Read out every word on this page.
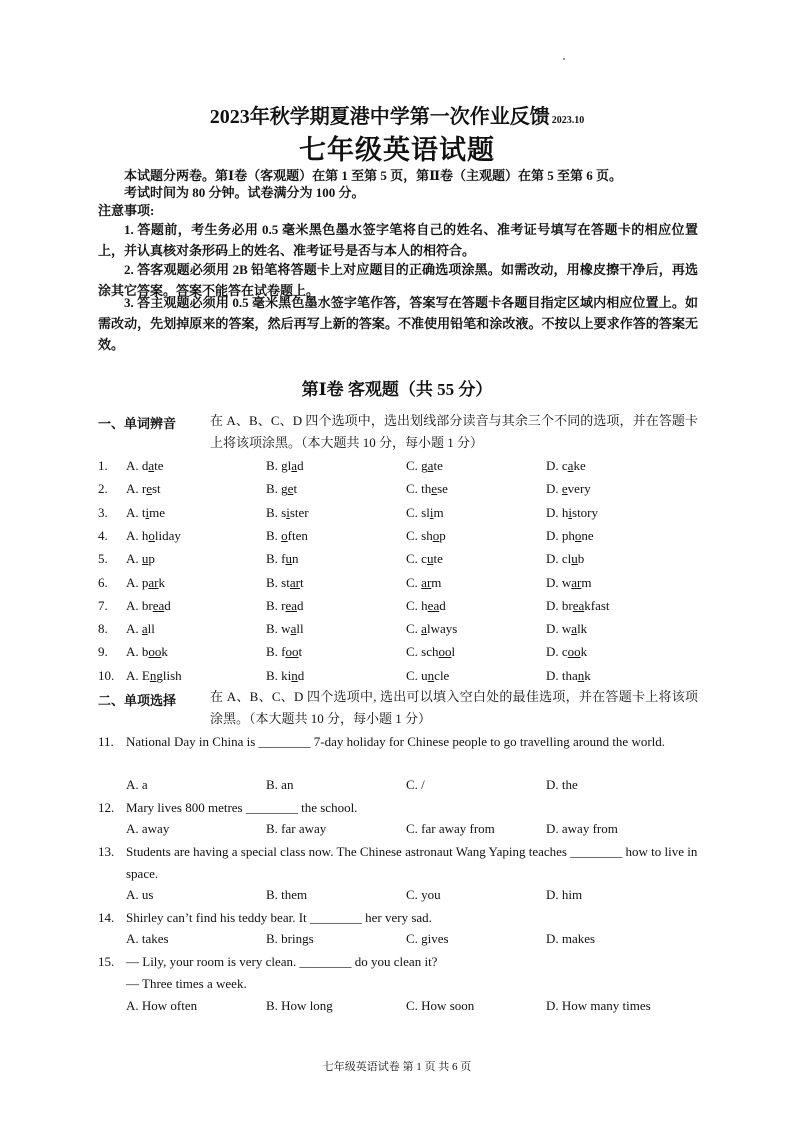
2023年秋学期夏港中学第一次作业反馈 2023.10
七年级英语试题
本试题分两卷。第Ⅰ卷（客观题）在第 1 至第 5 页，第Ⅱ卷（主观题）在第 5 至第 6 页。
考试时间为 80 分钟。试卷满分为 100 分。
注意事项:
1. 答题前，考生务必用 0.5 毫米黑色墨水签字笔将自己的姓名、准考证号填写在答题卡的相应位置上，并认真核对条形码上的姓名、准考证号是否与本人的相符合。
2. 答客观题必须用 2B 铅笔将答题卡上对应题目的正确选项涂黑。如需改动，用橡皮擦干净后，再选涂其它答案。答案不能答在试卷题上。
3. 答主观题必须用 0.5 毫米黑色墨水签字笔作答，答案写在答题卡各题目指定区域内相应位置上。如需改动，先划掉原来的答案，然后再写上新的答案。不准使用铅笔和涂改液。不按以上要求作答的答案无效。
第Ⅰ卷 客观题（共 55 分）
一、单词辨音	在 A、B、C、D 四个选项中，选出划线部分读音与其余三个不同的选项，并在答题卡上将该项涂黑。（本大题共 10 分，每小题 1 分）
1. A. date	B. glad	C. gate	D. cake
2. A. rest	B. get	C. these	D. every
3. A. time	B. sister	C. slim	D. history
4. A. holiday	B. often	C. shop	D. phone
5. A. up	B. fun	C. cute	D. club
6. A. park	B. start	C. arm	D. warm
7. A. bread	B. read	C. head	D. breakfast
8. A. all	B. wall	C. always	D. walk
9. A. book	B. foot	C. school	D. cook
10. A. English	B. kind	C. uncle	D. thank
二、单项选择	在 A、B、C、D 四个选项中, 选出可以填入空白处的最佳选项，并在答题卡上将该项涂黑。（本大题共 10 分，每小题 1 分）
11. National Day in China is ________ 7-day holiday for Chinese people to go travelling around the world.
A. a	B. an	C. /	D. the
12. Mary lives 800 metres ________ the school.
A. away	B. far away	C. far away from	D. away from
13. Students are having a special class now. The Chinese astronaut Wang Yaping teaches ________ how to live in space.
A. us	B. them	C. you	D. him
14. Shirley can’t find his teddy bear. It ________ her very sad.
A. takes	B. brings	C. gives	D. makes
15. — Lily, your room is very clean. ________ do you clean it?
— Three times a week.
A. How often	B. How long	C. How soon	D. How many times
七年级英语试卷 第 1 页 共 6 页
